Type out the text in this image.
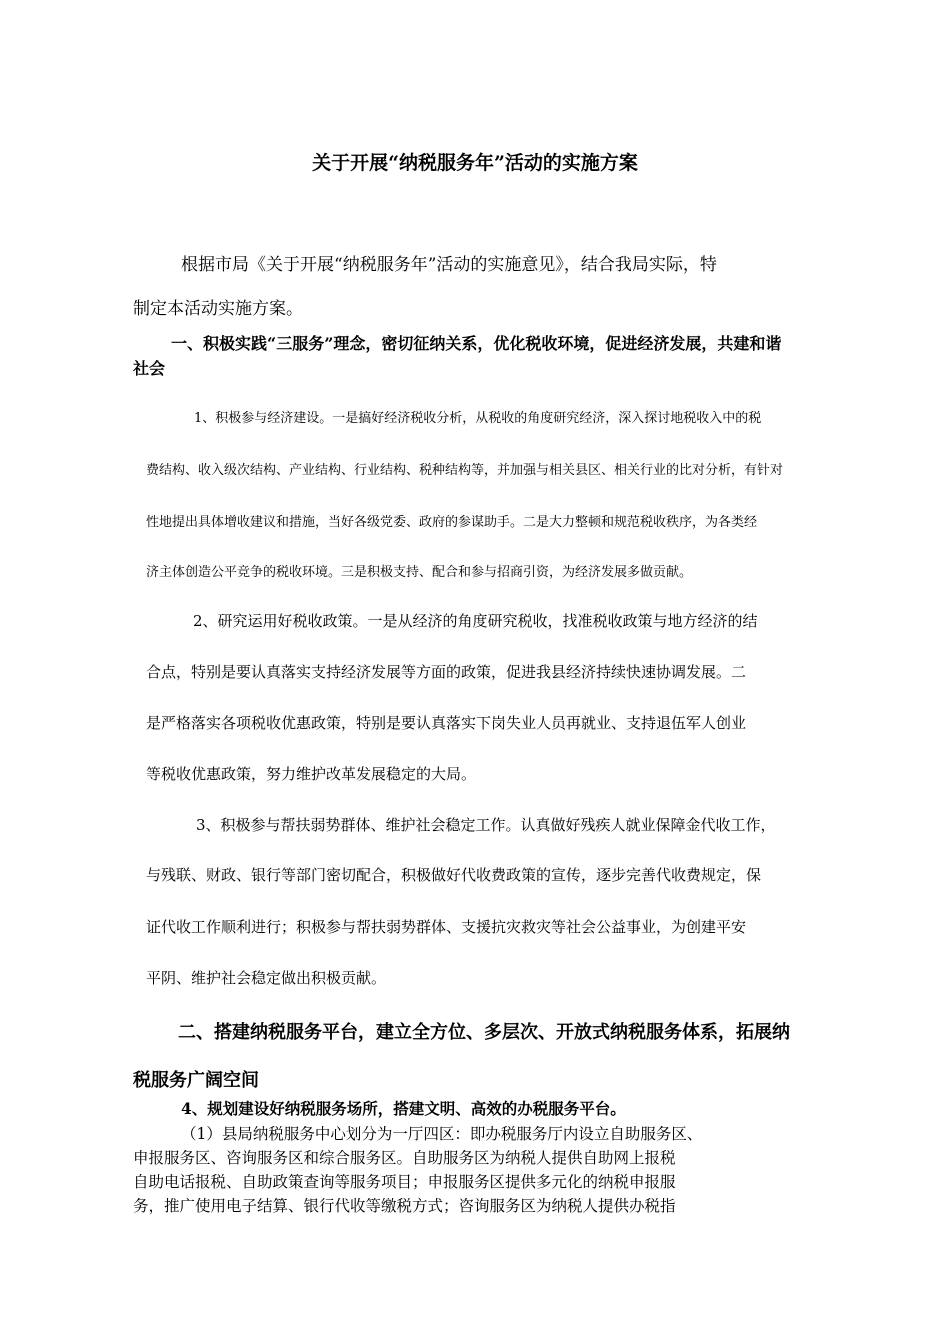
关于开展“纳税服务年”活动的实施方案
根据市局《关于开展“纳税服务年”活动的实施意见》，结合我局实际，特
制定本活动实施方案。
一、积极实践“三服务”理念，密切征纳关系，优化税收环境，促进经济发展，共建和谐
社会
1、积极参与经济建设。一是搞好经济税收分析，从税收的角度研究经济，深入探讨地税收入中的税
费结构、收入级次结构、产业结构、行业结构、税种结构等，并加强与相关县区、相关行业的比对分析，有针对
性地提出具体增收建议和措施，当好各级党委、政府的参谋助手。二是大力整顿和规范税收秩序，为各类经
济主体创造公平竞争的税收环境。三是积极支持、配合和参与招商引资，为经济发展多做贡献。
2、研究运用好税收政策。一是从经济的角度研究税收，找准税收政策与地方经济的结
合点，特别是要认真落实支持经济发展等方面的政策，促进我县经济持续快速协调发展。二
是严格落实各项税收优惠政策，特别是要认真落实下岗失业人员再就业、支持退伍军人创业
等税收优惠政策，努力维护改革发展稳定的大局。
3、积极参与帮扶弱势群体、维护社会稳定工作。认真做好残疾人就业保障金代收工作，
与残联、财政、银行等部门密切配合，积极做好代收费政策的宣传，逐步完善代收费规定，保
证代收工作顺利进行；积极参与帮扶弱势群体、支援抗灾救灾等社会公益事业，为创建平安
平阴、维护社会稳定做出积极贡献。
二、搭建纳税服务平台，建立全方位、多层次、开放式纳税服务体系，拓展纳
税服务广阔空间
4、规划建设好纳税服务场所，搭建文明、高效的办税服务平台。
（1）县局纳税服务中心划分为一厅四区：即办税服务厅内设立自助服务区、
申报服务区、咨询服务区和综合服务区。自助服务区为纳税人提供自助网上报税
自助电话报税、自助政策查询等服务项目；申报服务区提供多元化的纳税申报服
务，推广使用电子结算、银行代收等缴税方式；咨询服务区为纳税人提供办税指
